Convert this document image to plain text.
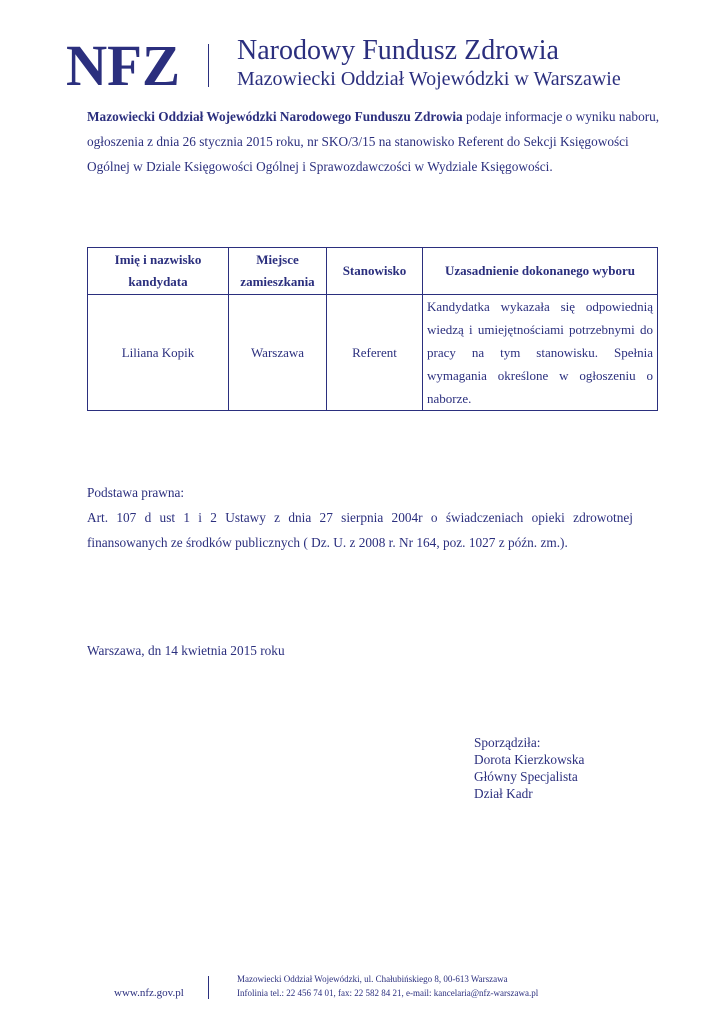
NFZ Narodowy Fundusz Zdrowia
Mazowiecki Oddział Wojewódzki w Warszawie
Mazowiecki Oddział Wojewódzki Narodowego Funduszu Zdrowia podaje informacje o wyniku naboru, ogłoszenia z dnia 26 stycznia 2015 roku, nr SKO/3/15 na stanowisko Referent do Sekcji Księgowości Ogólnej w Dziale Księgowości Ogólnej i Sprawozdawczości w Wydziale Księgowości.
Imię i nazwisko kandydata	Miejsce zamieszkania	Stanowisko	Uzasadnienie dokonanego wyboru
Liliana Kopik	Warszawa	Referent	Kandydatka wykazała się odpowiednią wiedzą i umiejętnościami potrzebnymi do pracy na tym stanowisku. Spełnia wymagania określone w ogłoszeniu o naborze.
Podstawa prawna:
Art. 107 d ust 1 i 2 Ustawy z dnia 27 sierpnia 2004r o świadczeniach opieki zdrowotnej
finansowanych ze środków publicznych ( Dz. U. z 2008 r. Nr 164, poz. 1027 z późn. zm.).
Warszawa, dn 14 kwietnia 2015 roku
Sporządziła:
Dorota Kierzkowska
Główny Specjalista
Dział Kadr
www.nfz.gov.pl
Mazowiecki Oddział Wojewódzki, ul. Chałubińskiego 8, 00-613 Warszawa
Infolinia tel.: 22 456 74 01, fax: 22 582 84 21, e-mail: kancelaria@nfz-warszawa.pl
